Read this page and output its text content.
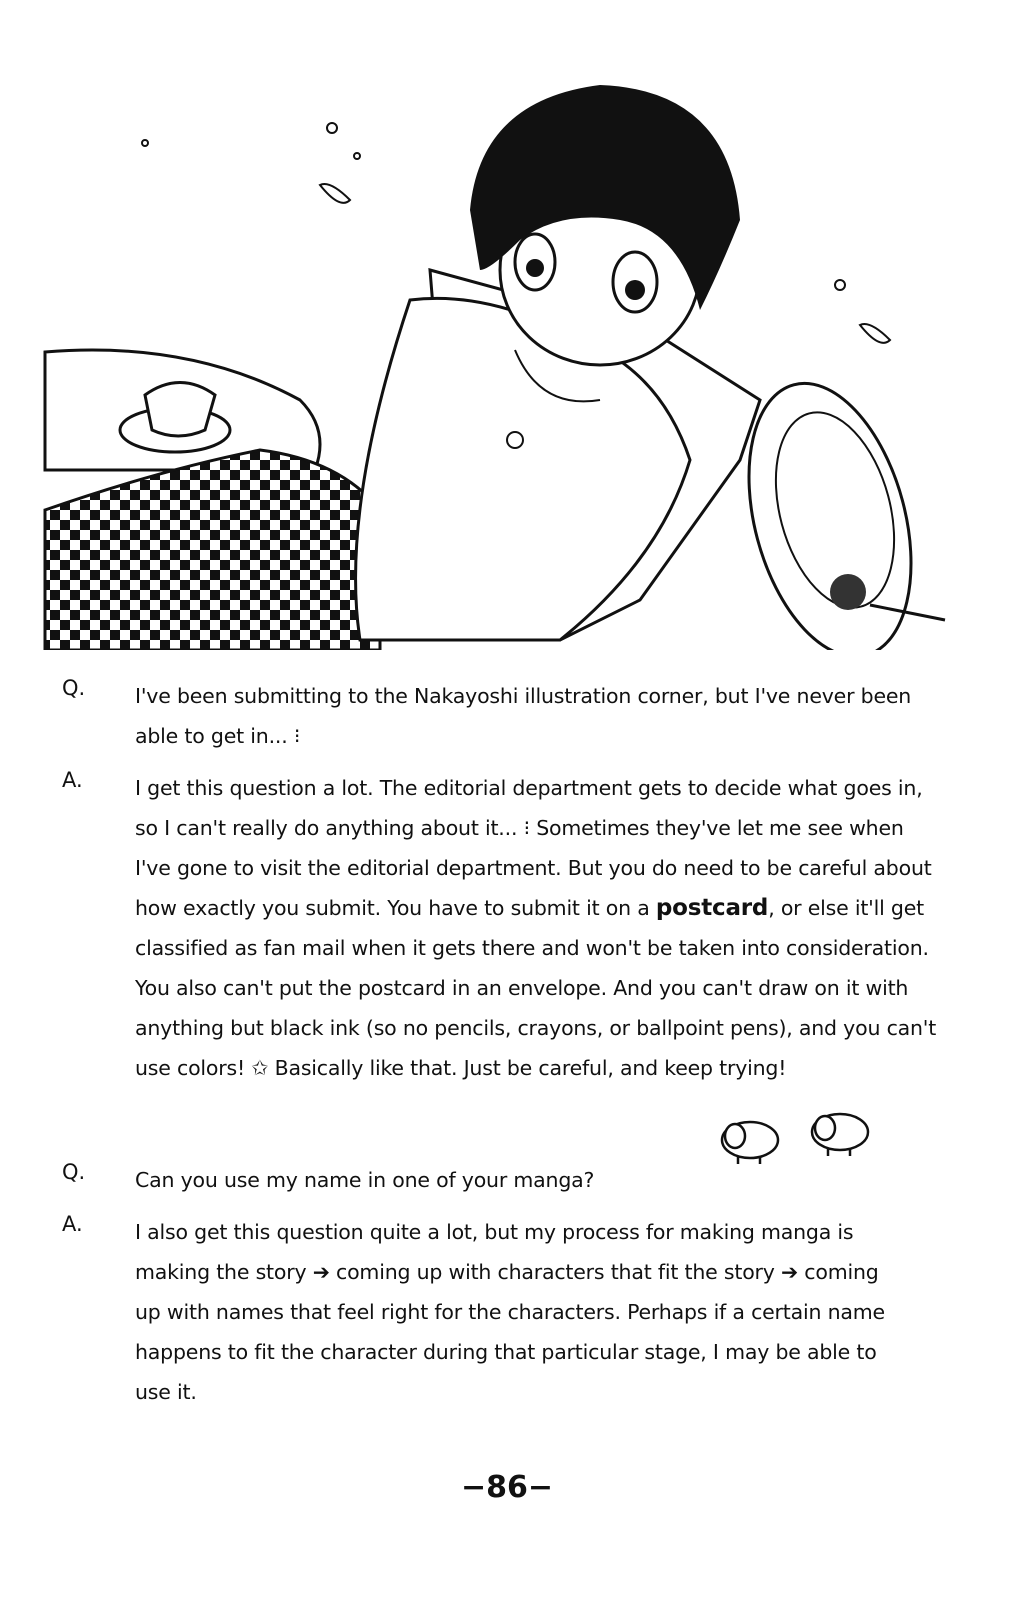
Q.	I've been submitting to the Nakayoshi illustration corner, but I've never been
able to get in... ⁝
A.	I get this question a lot. The editorial department gets to decide what goes in,
so I can't really do anything about it... ⁝ Sometimes they've let me see when
I've gone to visit the editorial department. But you do need to be careful about
how exactly you submit. You have to submit it on a postcard, or else it'll get
classified as fan mail when it gets there and won't be taken into consideration.
You also can't put the postcard in an envelope. And you can't draw on it with
anything but black ink (so no pencils, crayons, or ballpoint pens), and you can't
use colors! ✩ Basically like that. Just be careful, and keep trying!
Q.	Can you use my name in one of your manga?
A.	I also get this question quite a lot, but my process for making manga is
making the story ➔ coming up with characters that fit the story ➔ coming
up with names that feel right for the characters. Perhaps if a certain name
happens to fit the character during that particular stage, I may be able to
use it.
−86−
